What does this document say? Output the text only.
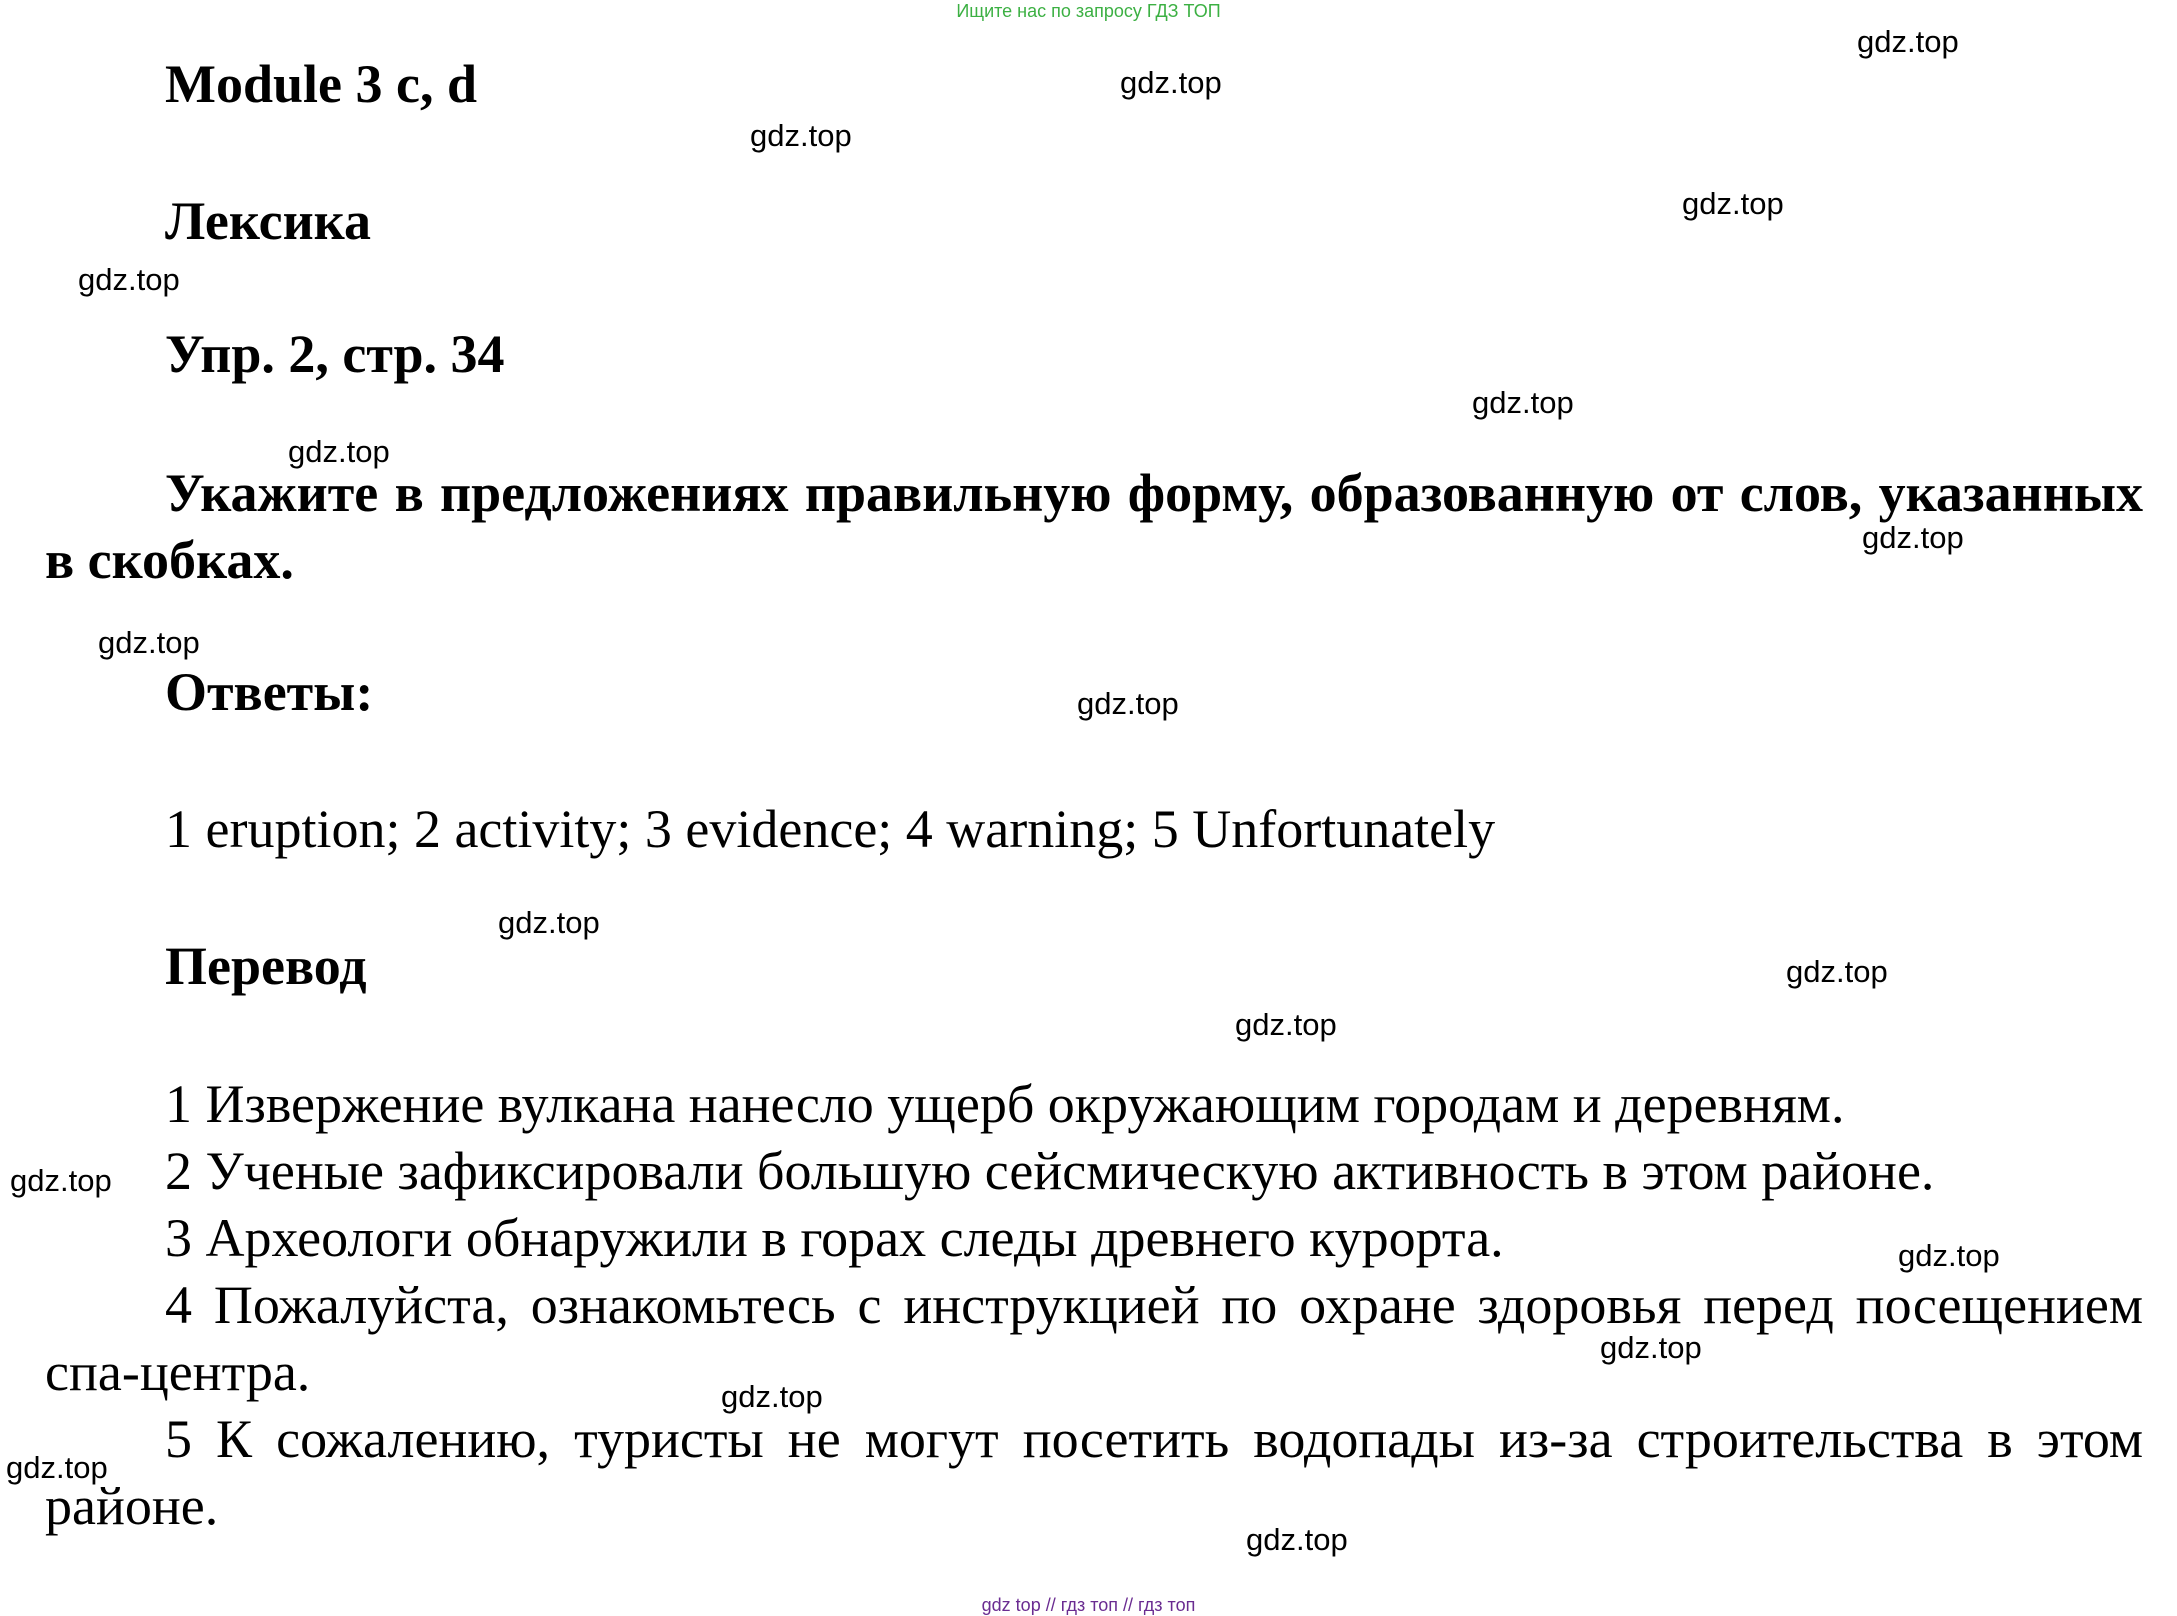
Ищите нас по запросу ГДЗ ТОП
Module 3 c, d
Лексика
Упр. 2, стр. 34
Укажите в предложениях правильную форму, образованную от слов, указанных в скобках.
Ответы:
1 eruption; 2 activity; 3 evidence; 4 warning; 5 Unfortunately
Перевод
1 Извержение вулкана нанесло ущерб окружающим городам и деревням.
2 Ученые зафиксировали большую сейсмическую активность в этом районе.
3 Археологи обнаружили в горах следы древнего курорта.
4 Пожалуйста, ознакомьтесь с инструкцией по охране здоровья перед посещением спа-центра.
5 К сожалению, туристы не могут посетить водопады из-за строительства в этом районе.
gdz.top
gdz.top
gdz.top
gdz.top
gdz.top
gdz.top
gdz.top
gdz.top
gdz.top
gdz.top
gdz.top
gdz.top
gdz.top
gdz.top
gdz.top
gdz.top
gdz.top
gdz.top
gdz.top
gdz top // гдз топ // гдз топ
